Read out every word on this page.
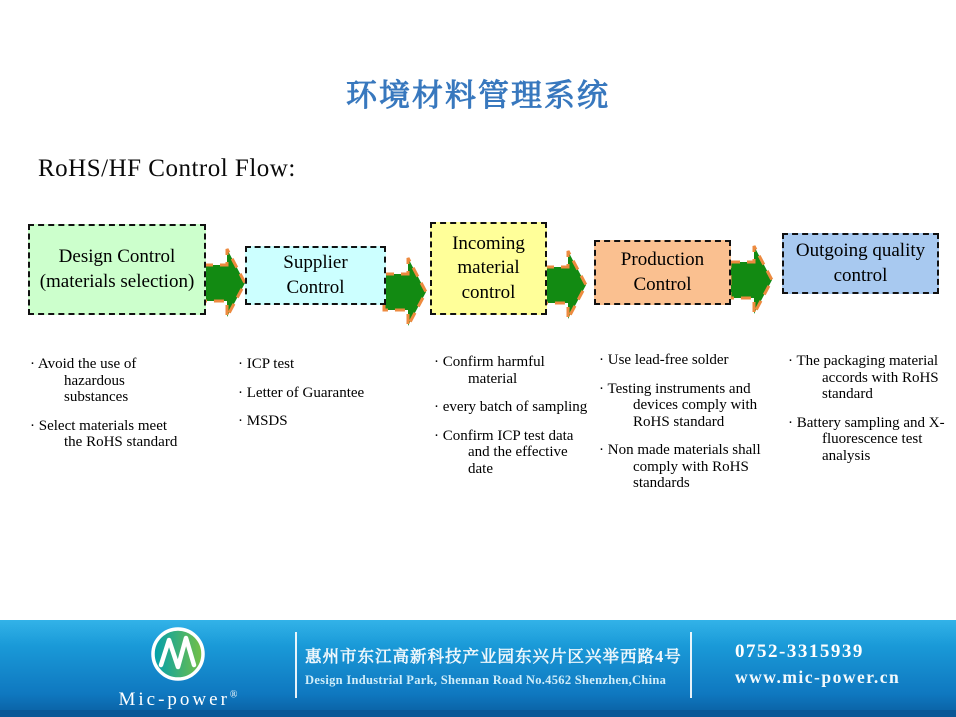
环境材料管理系统
RoHS/HF Control Flow:
Design Control (materials selection)
Supplier Control
Incoming material control
Production Control
Outgoing quality control
· Avoid the use of hazardous substances
· Select materials meet the RoHS standard
· ICP test
· Letter of Guarantee
· MSDS
· Confirm harmful material
· every batch of sampling
· Confirm ICP test data and the effective date
· Use lead-free solder
· Testing instruments and devices comply with RoHS standard
· Non made materials shall comply with RoHS standards
· The packaging material accords with RoHS standard
· Battery sampling and X-fluorescence test analysis
Mic-power®
惠州市东江高新科技产业园东兴片区兴举西路4号
Design Industrial Park, Shennan Road No.4562 Shenzhen,China
0752-3315939
www.mic-power.cn
